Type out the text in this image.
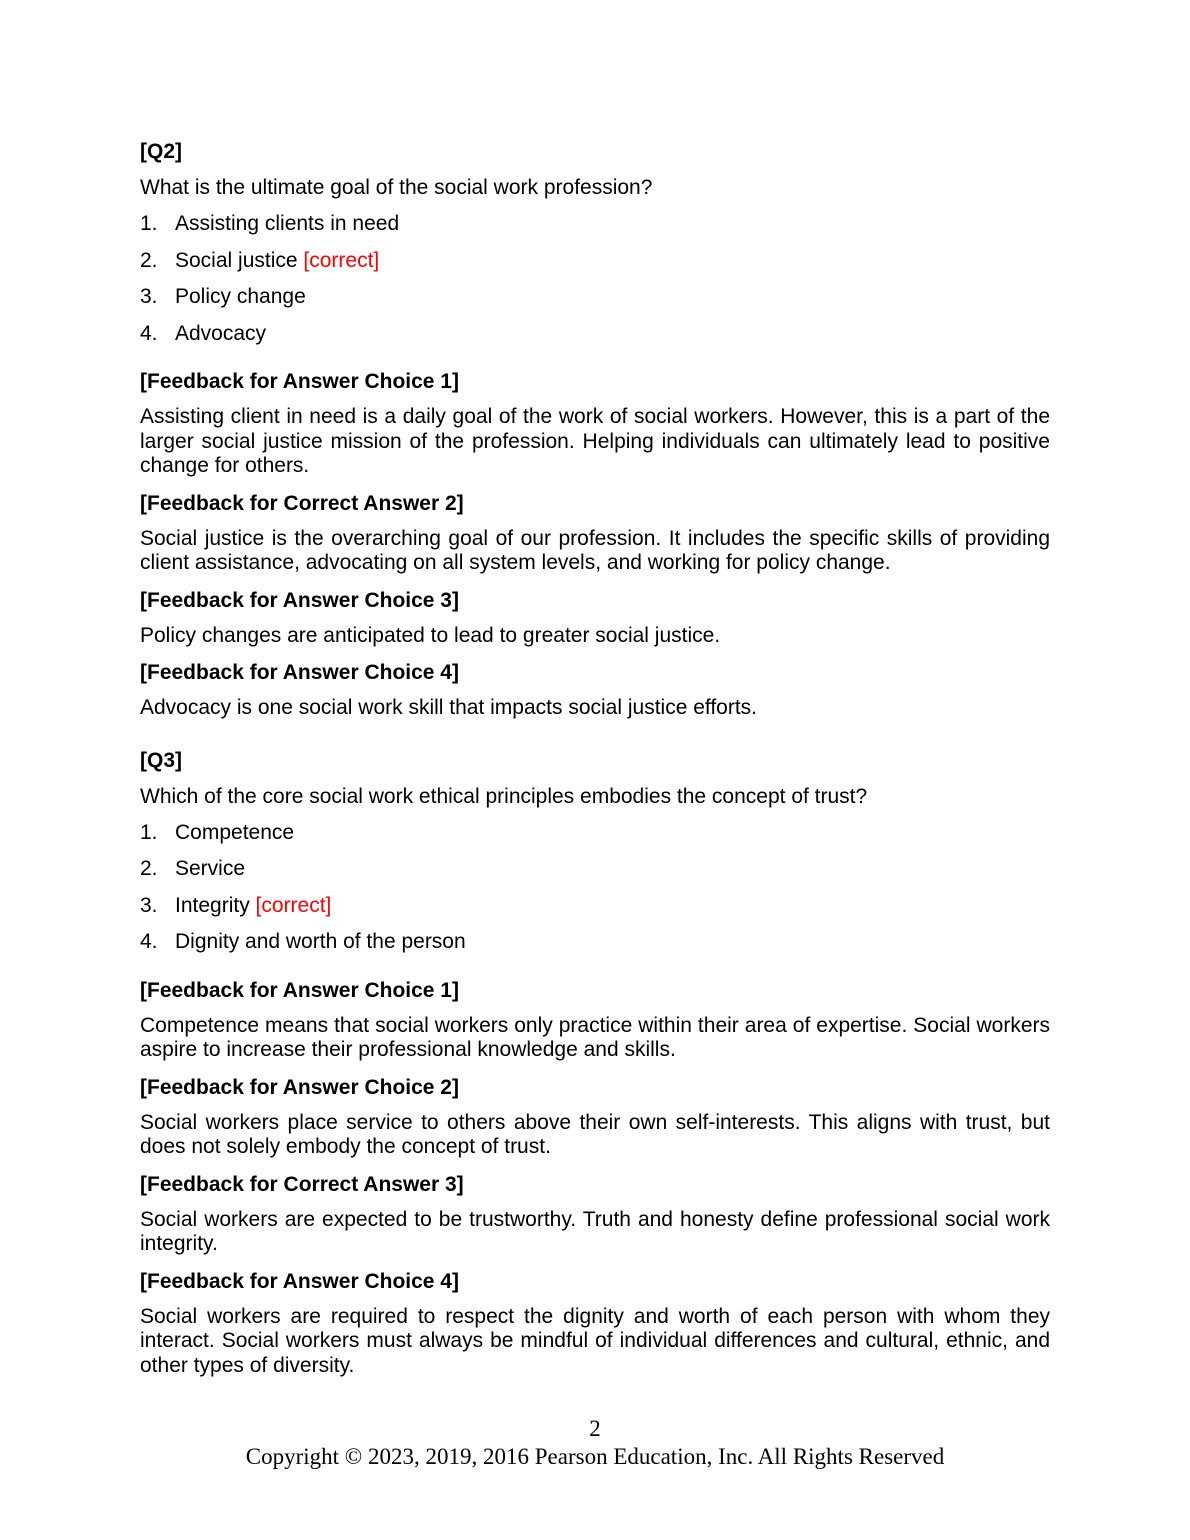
[Q2]
What is the ultimate goal of the social work profession?
1. Assisting clients in need
2. Social justice
[correct]
3. Policy change
4. Advocacy
[Feedback for Answer Choice 1]
Assisting client in need is a daily goal of the work of social workers. However, this is a part of the larger social justice mission of the profession. Helping individuals can ultimately lead to positive change for others.
[Feedback for Correct Answer 2]
Social justice is the overarching goal of our profession. It includes the specific skills of providing client assistance, advocating on all system levels, and working for policy change.
[Feedback for Answer Choice 3]
Policy changes are anticipated to lead to greater social justice.
[Feedback for Answer Choice 4]
Advocacy is one social work skill that impacts social justice efforts.
[Q3]
Which of the core social work ethical principles embodies the concept of trust?
1. Competence
2. Service
3. Integrity
[correct]
4. Dignity and worth of the person
[Feedback for Answer Choice 1]
Competence means that social workers only practice within their area of expertise. Social workers aspire to increase their professional knowledge and skills.
[Feedback for Answer Choice 2]
Social workers place service to others above their own self-interests. This aligns with trust, but does not solely embody the concept of trust.
[Feedback for Correct Answer 3]
Social workers are expected to be trustworthy. Truth and honesty define professional social work integrity.
[Feedback for Answer Choice 4]
Social workers are required to respect the dignity and worth of each person with whom they interact. Social workers must always be mindful of individual differences and cultural, ethnic, and other types of diversity.
2
Copyright © 2023, 2019, 2016 Pearson Education, Inc. All Rights Reserved
